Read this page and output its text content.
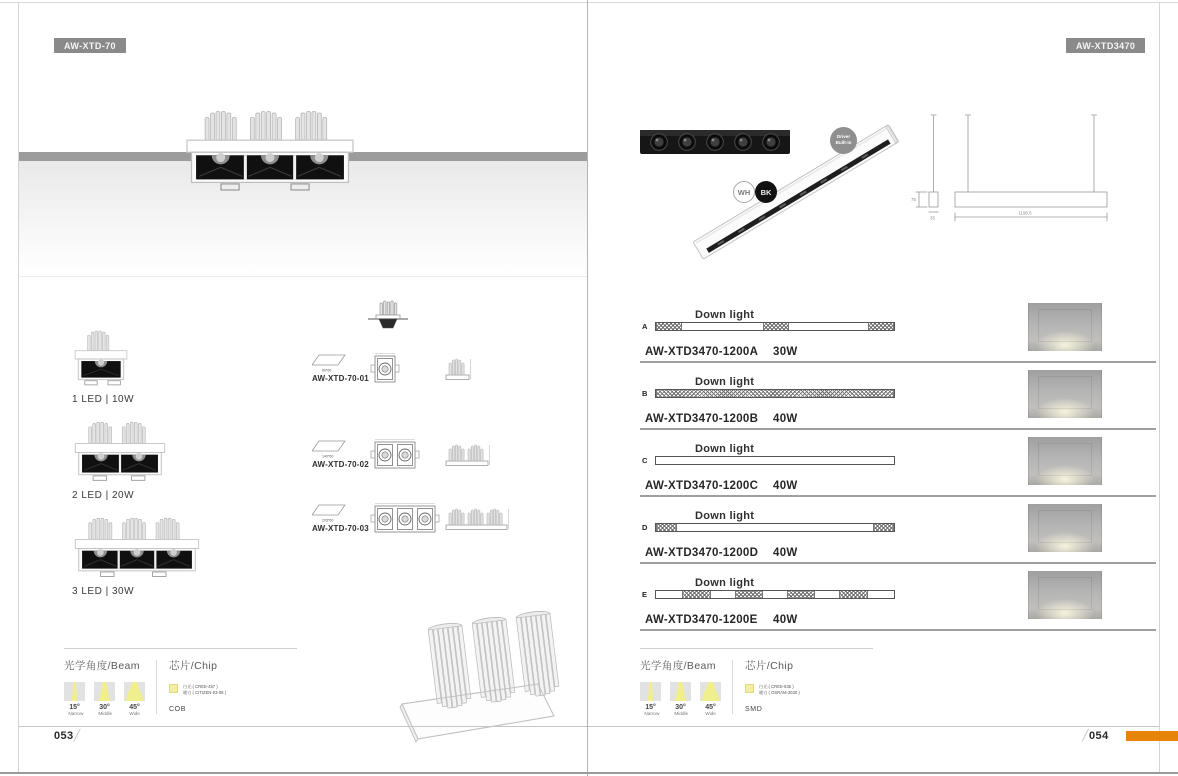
AW-XTD-70
1 LED | 10W
2 LED | 20W
3 LED | 30W
60*60
AW-XTD-70-01
140*60
AW-XTD-70-02
205*60
AW-XTD-70-03
光学角度/Beam
15°
Narrow
30°
Middle
45°
Wide
芯片/Chip
白光 ( CREE-457 )
暖白 ( CITIZEN-03-08 )
COB
053╱
AW-XTD3470
WH BK
Driver
Built-in
75
35
1198.5
Down light
A
AW-XTD3470-1200A	30W
Down light
B
AW-XTD3470-1200B	40W
Down light
C
AW-XTD3470-1200C	40W
Down light
D
AW-XTD3470-1200D	40W
Down light
E
AW-XTD3470-1200E	40W
光学角度/Beam
15°
Narrow
30°
Middle
45°
Wide
芯片/Chip
白光 ( CREE-835 )
暖白 ( OSRAM-3030 )
SMD
╱054
